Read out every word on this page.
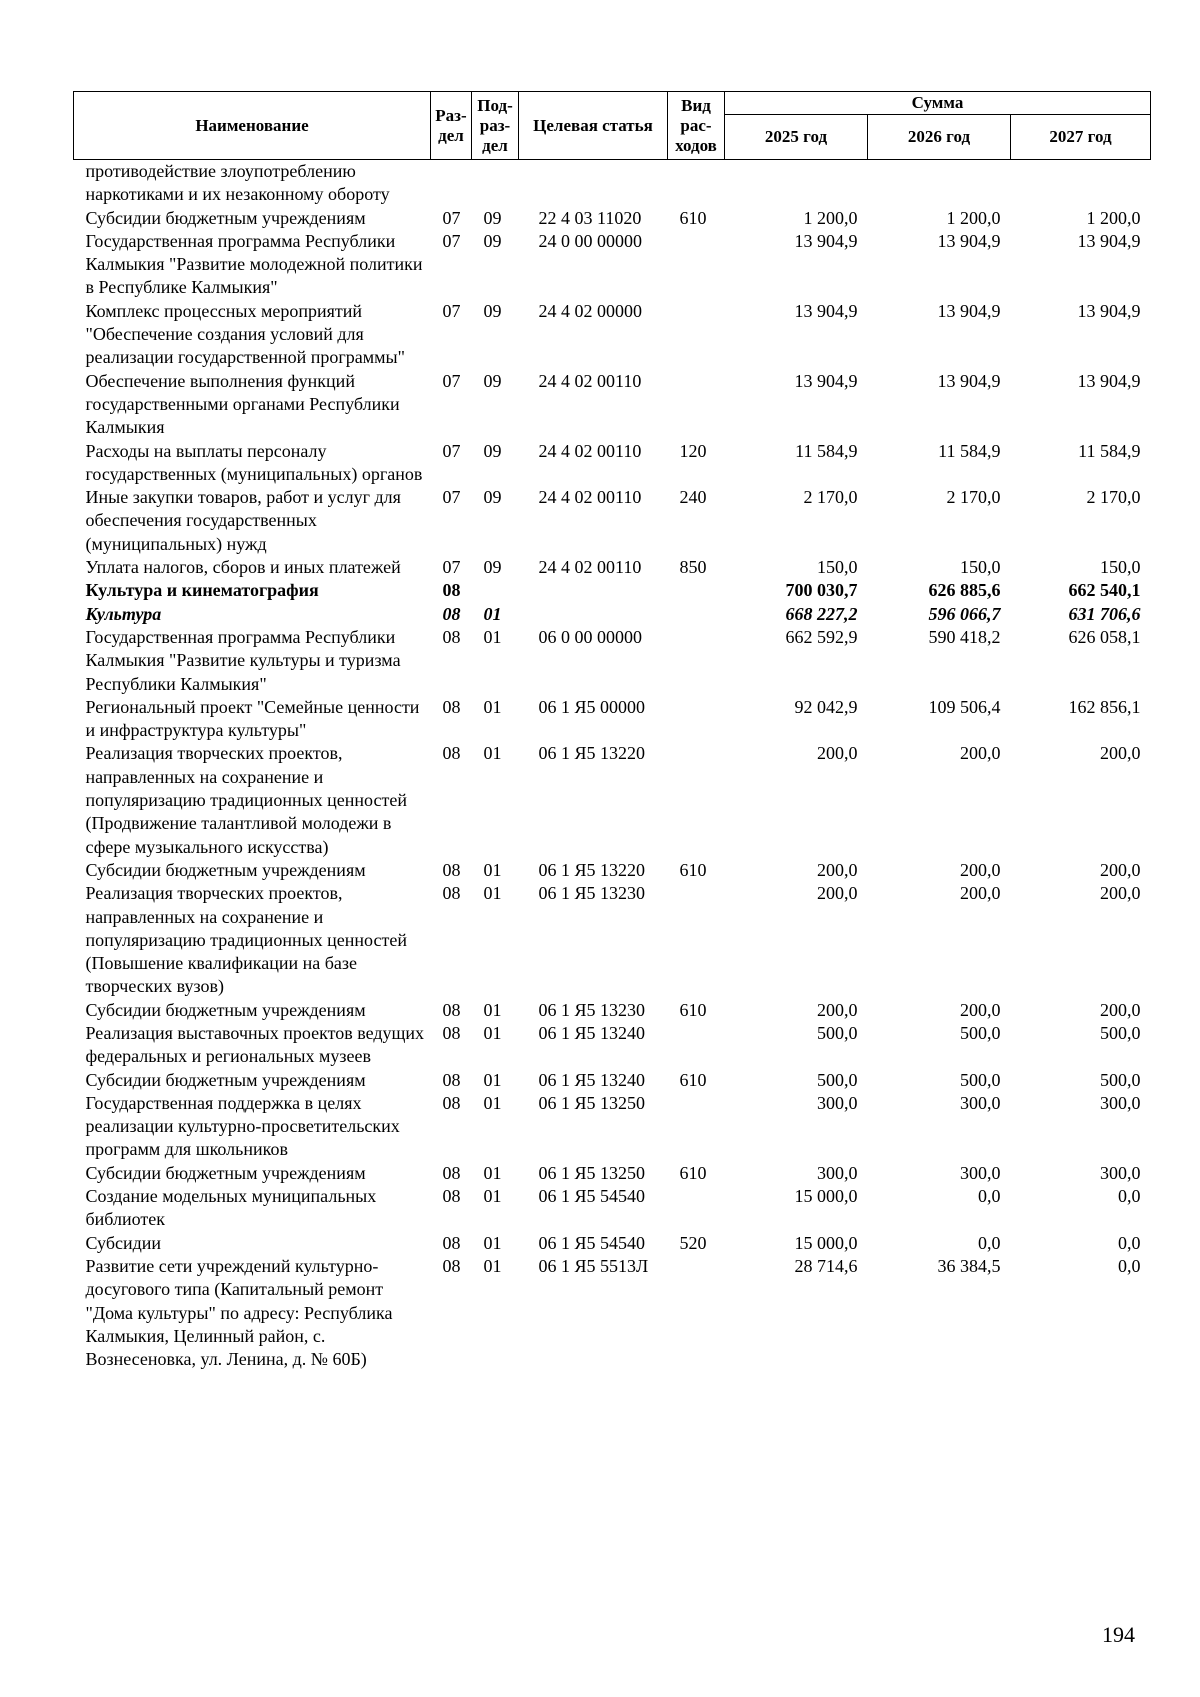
Наименование	Раз-дел	Под-раз-дел	Целевая статья	Вид рас-ходов	Сумма		
					2025 год	2026 год	2027 год
противодействие злоупотреблению наркотиками и их незаконному обороту							
Субсидии бюджетным учреждениям	07	09	22 4 03 11020	610	1 200,0	1 200,0	1 200,0
Государственная программа Республики Калмыкия "Развитие молодежной политики в Республике Калмыкия"	07	09	24 0 00 00000		13 904,9	13 904,9	13 904,9
Комплекс процессных мероприятий "Обеспечение создания условий для реализации государственной программы"	07	09	24 4 02 00000		13 904,9	13 904,9	13 904,9
Обеспечение выполнения функций государственными органами Республики Калмыкия	07	09	24 4 02 00110		13 904,9	13 904,9	13 904,9
Расходы на выплаты персоналу государственных (муниципальных) органов	07	09	24 4 02 00110	120	11 584,9	11 584,9	11 584,9
Иные закупки товаров, работ и услуг для обеспечения государственных (муниципальных) нужд	07	09	24 4 02 00110	240	2 170,0	2 170,0	2 170,0
Уплата налогов, сборов и иных платежей	07	09	24 4 02 00110	850	150,0	150,0	150,0
Культура и кинематография	08				700 030,7	626 885,6	662 540,1
Культура	08	01			668 227,2	596 066,7	631 706,6
Государственная программа Республики Калмыкия "Развитие культуры и туризма Республики Калмыкия"	08	01	06 0 00 00000		662 592,9	590 418,2	626 058,1
Региональный проект "Семейные ценности и инфраструктура культуры"	08	01	06 1 Я5 00000		92 042,9	109 506,4	162 856,1
Реализация творческих проектов, направленных на сохранение и популяризацию традиционных ценностей (Продвижение талантливой молодежи в сфере музыкального искусства)	08	01	06 1 Я5 13220		200,0	200,0	200,0
Субсидии бюджетным учреждениям	08	01	06 1 Я5 13220	610	200,0	200,0	200,0
Реализация творческих проектов, направленных на сохранение и популяризацию традиционных ценностей (Повышение квалификации на базе творческих вузов)	08	01	06 1 Я5 13230		200,0	200,0	200,0
Субсидии бюджетным учреждениям	08	01	06 1 Я5 13230	610	200,0	200,0	200,0
Реализация выставочных проектов ведущих федеральных и региональных музеев	08	01	06 1 Я5 13240		500,0	500,0	500,0
Субсидии бюджетным учреждениям	08	01	06 1 Я5 13240	610	500,0	500,0	500,0
Государственная поддержка в целях реализации культурно-просветительских программ для школьников	08	01	06 1 Я5 13250		300,0	300,0	300,0
Субсидии бюджетным учреждениям	08	01	06 1 Я5 13250	610	300,0	300,0	300,0
Создание модельных муниципальных библиотек	08	01	06 1 Я5 54540		15 000,0	0,0	0,0
Субсидии	08	01	06 1 Я5 54540	520	15 000,0	0,0	0,0
Развитие сети учреждений культурно-досугового типа (Капитальный ремонт "Дома культуры" по адресу: Республика Калмыкия, Целинный район, с. Вознесеновка, ул. Ленина, д. № 60Б)	08	01	06 1 Я5 5513Л		28 714,6	36 384,5	0,0
194
